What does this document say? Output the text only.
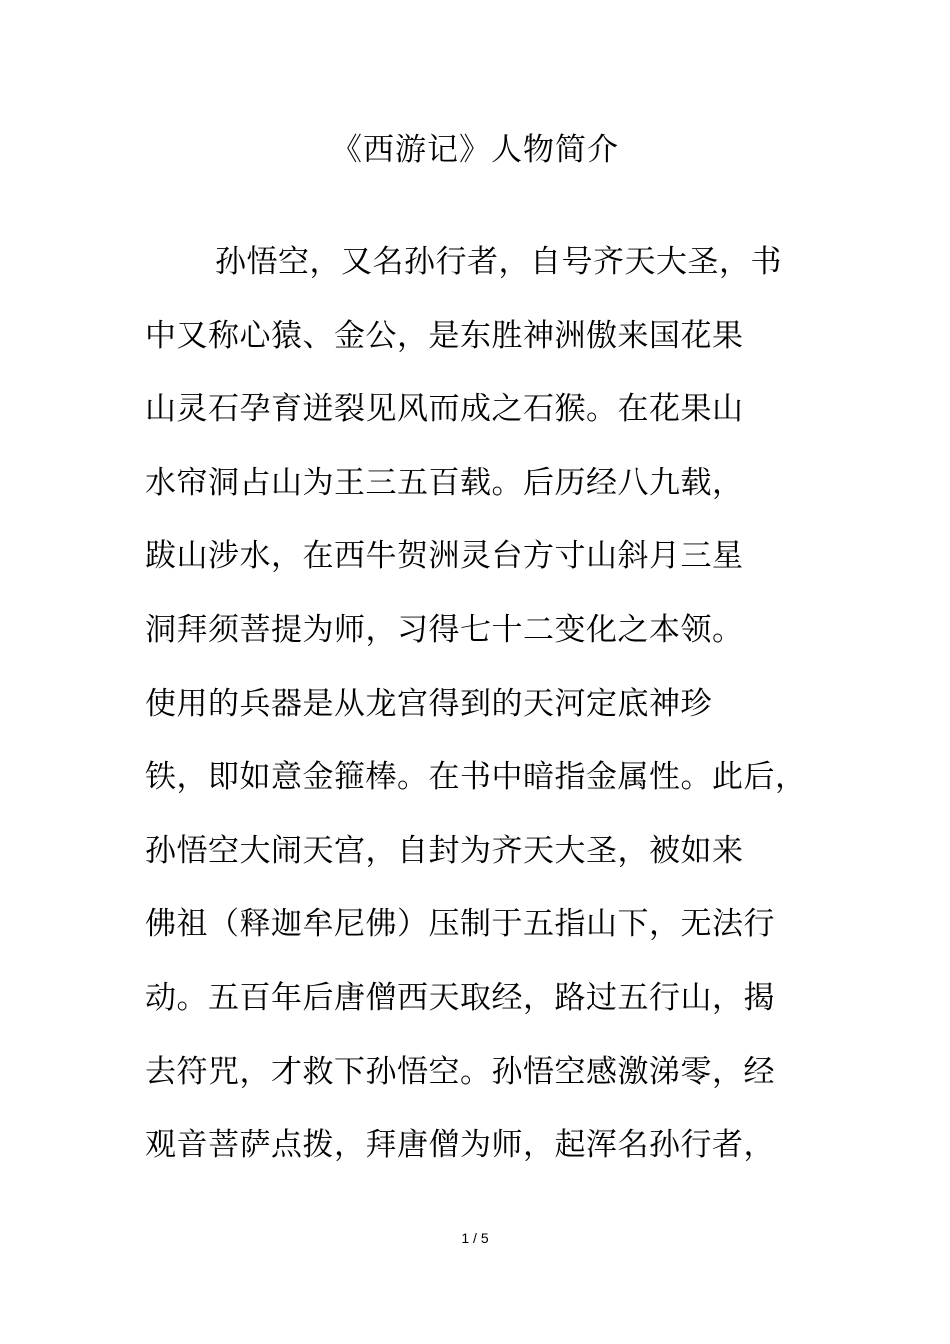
《西游记》人物简介
孙悟空，又名孙行者，自号齐天大圣，书
中又称心猿、金公，是东胜神洲傲来国花果
山灵石孕育迸裂见风而成之石猴。在花果山
水帘洞占山为王三五百载。后历经八九载，
跋山涉水，在西牛贺洲灵台方寸山斜月三星
洞拜须菩提为师，习得七十二变化之本领。
使用的兵器是从龙宫得到的天河定底神珍
铁，即如意金箍棒。在书中暗指金属性。此后，
孙悟空大闹天宫，自封为齐天大圣，被如来
佛祖（释迦牟尼佛）压制于五指山下，无法行
动。五百年后唐僧西天取经，路过五行山，揭
去符咒，才救下孙悟空。孙悟空感激涕零，经
观音菩萨点拨，拜唐僧为师，起浑名孙行者，
1 / 5
